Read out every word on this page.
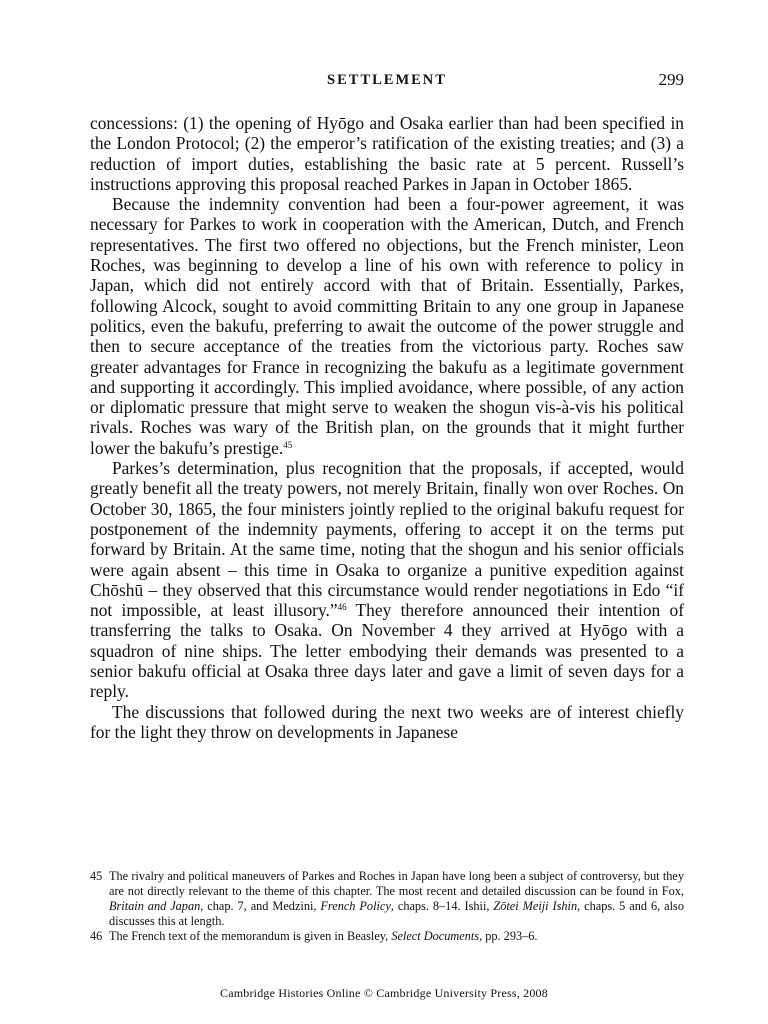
SETTLEMENT	299

concessions: (1) the opening of Hyōgo and Osaka earlier than had been specified in the London Protocol; (2) the emperor’s ratification of the existing treaties; and (3) a reduction of import duties, establishing the basic rate at 5 percent. Russell’s instructions approving this proposal reached Parkes in Japan in October 1865.

Because the indemnity convention had been a four-power agreement, it was necessary for Parkes to work in cooperation with the American, Dutch, and French representatives. The first two offered no objections, but the French minister, Leon Roches, was beginning to develop a line of his own with reference to policy in Japan, which did not entirely accord with that of Britain. Essentially, Parkes, following Alcock, sought to avoid committing Britain to any one group in Japanese politics, even the bakufu, preferring to await the outcome of the power struggle and then to secure acceptance of the treaties from the victorious party. Roches saw greater advantages for France in recognizing the bakufu as a legitimate government and supporting it accordingly. This implied avoidance, where possible, of any action or diplomatic pressure that might serve to weaken the shogun vis-à-vis his political rivals. Roches was wary of the British plan, on the grounds that it might further lower the bakufu’s prestige.$^{45}$

Parkes’s determination, plus recognition that the proposals, if accepted, would greatly benefit all the treaty powers, not merely Britain, finally won over Roches. On October 30, 1865, the four ministers jointly replied to the original bakufu request for postponement of the indemnity payments, offering to accept it on the terms put forward by Britain. At the same time, noting that the shogun and his senior officials were again absent – this time in Osaka to organize a punitive expedition against Chōshū – they observed that this circumstance would render negotiations in Edo “if not impossible, at least illusory.”$^{46}$ They therefore announced their intention of transferring the talks to Osaka. On November 4 they arrived at Hyōgo with a squadron of nine ships. The letter embodying their demands was presented to a senior bakufu official at Osaka three days later and gave a limit of seven days for a reply.

The discussions that followed during the next two weeks are of interest chiefly for the light they throw on developments in Japanese

45 The rivalry and political maneuvers of Parkes and Roches in Japan have long been a subject of controversy, but they are not directly relevant to the theme of this chapter. The most recent and detailed discussion can be found in Fox, Britain and Japan, chap. 7, and Medzini, French Policy, chaps. 8–14. Ishii, Zōtei Meiji Ishin, chaps. 5 and 6, also discusses this at length.
46 The French text of the memorandum is given in Beasley, Select Documents, pp. 293–6.
Cambridge Histories Online © Cambridge University Press, 2008
